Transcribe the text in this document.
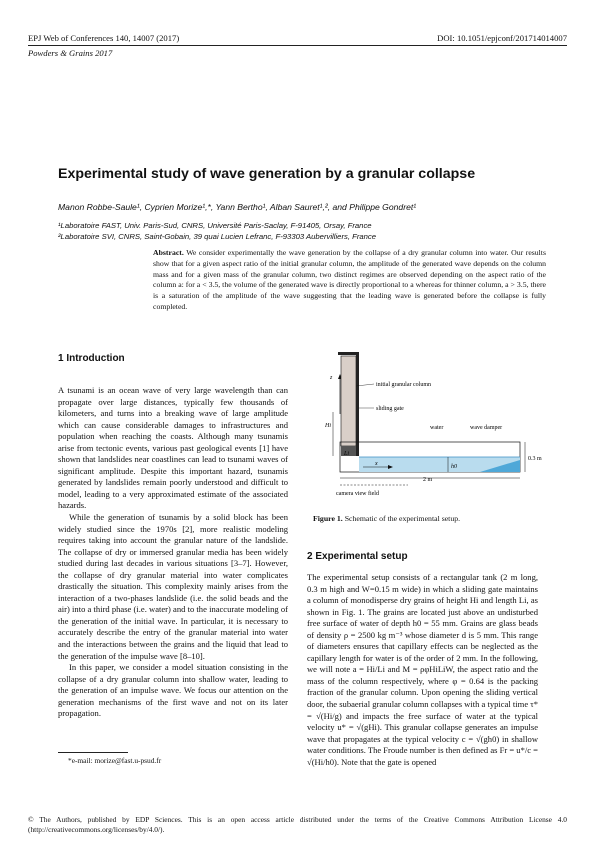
EPJ Web of Conferences 140, 14007 (2017)	DOI: 10.1051/epjconf/201714014007
Powders & Grains 2017
Experimental study of wave generation by a granular collapse
Manon Robbe-Saule¹, Cyprien Morize¹,*, Yann Bertho¹, Alban Sauret¹,², and Philippe Gondret¹
¹Laboratoire FAST, Univ. Paris-Sud, CNRS, Université Paris-Saclay, F-91405, Orsay, France
²Laboratoire SVI, CNRS, Saint-Gobain, 39 quai Lucien Lefranc, F-93303 Aubervilliers, France

Abstract. We consider experimentally the wave generation by the collapse of a dry granular column into water. Our results show that for a given aspect ratio of the initial granular column, the amplitude of the generated wave depends on the column mass and for a given mass of the granular column, two distinct regimes are observed depending on the aspect ratio of the column a: for a < 3.5, the volume of the generated wave is directly proportional to a whereas for thinner column, a > 3.5, there is a saturation of the amplitude of the wave suggesting that the leading wave is generated before the collapse is fully completed.

1 Introduction

A tsunami is an ocean wave of very large wavelength than can propagate over large distances, typically few thousands of kilometers, and turns into a breaking wave of large amplitude which can cause considerable damages to infrastructures and population when reaching the coasts. Although many tsunamis arise from tectonic events, various past geological events [1] have shown that landslides near coastlines can lead to tsunami waves of significant amplitude. Despite this important hazard, tsunamis generated by landslides remain poorly understood and difficult to model, leading to a very approximated estimate of the associated hazards.

While the generation of tsunamis by a solid block has been widely studied since the 1970s [2], more realistic modeling requires taking into account the granular nature of the landslide. The collapse of dry or immersed granular media has been widely studied during last decades in various situations [3–7]. However, the collapse of dry granular material into water complicates drastically the situation. This complexity mainly arises from the interaction of a two-phases landslide (i.e. the solid beads and the air) into a third phase (i.e. water) and to the inaccurate modeling of the generation of the initial wave. In particular, it is necessary to accurately describe the entry of the granular material into water and the interactions between the grains and the liquid that lead to the generation of the impulse wave [8–10].

In this paper, we consider a model situation consisting in the collapse of a dry granular column into shallow water, leading to the generation of an impulse wave. We focus our attention on the generation mechanisms of the first wave and not on its later propagation.

*e-mail: morize@fast.u-psud.fr
z
Hi
x
Li
h0
0.3 m
2 m
camera view field
initial granular column
sliding gate
water	wave damper
Figure 1. Schematic of the experimental setup.
2 Experimental setup

The experimental setup consists of a rectangular tank (2 m long, 0.3 m high and W=0.15 m wide) in which a sliding gate maintains a column of monodisperse dry grains of height Hi and length Li, as shown in Fig. 1. The grains are located just above an undisturbed free surface of water of depth h0 = 55 mm. Grains are glass beads of density ρ = 2500 kg m⁻³ whose diameter d is 5 mm. This range of diameters ensures that capillary effects can be neglected as the capillary length for water is of the order of 2 mm. In the following, we will note a = Hi/Li and M = ρφHiLiW, the aspect ratio and the mass of the column respectively, where φ = 0.64 is the packing fraction of the granular column. Upon opening the sliding vertical door, the subaerial granular column collapses with a typical time τ* = √(Hi/g) and impacts the free surface of water at the typical velocity u* = √(gHi). This granular collapse generates an impulse wave that propagates at the typical velocity c = √(gh0) in shallow water conditions. The Froude number is then defined as Fr = u*/c = √(Hi/h0). Note that the gate is opened

© The Authors, published by EDP Sciences. This is an open access article distributed under the terms of the Creative Commons Attribution License 4.0 (http://creativecommons.org/licenses/by/4.0/).
